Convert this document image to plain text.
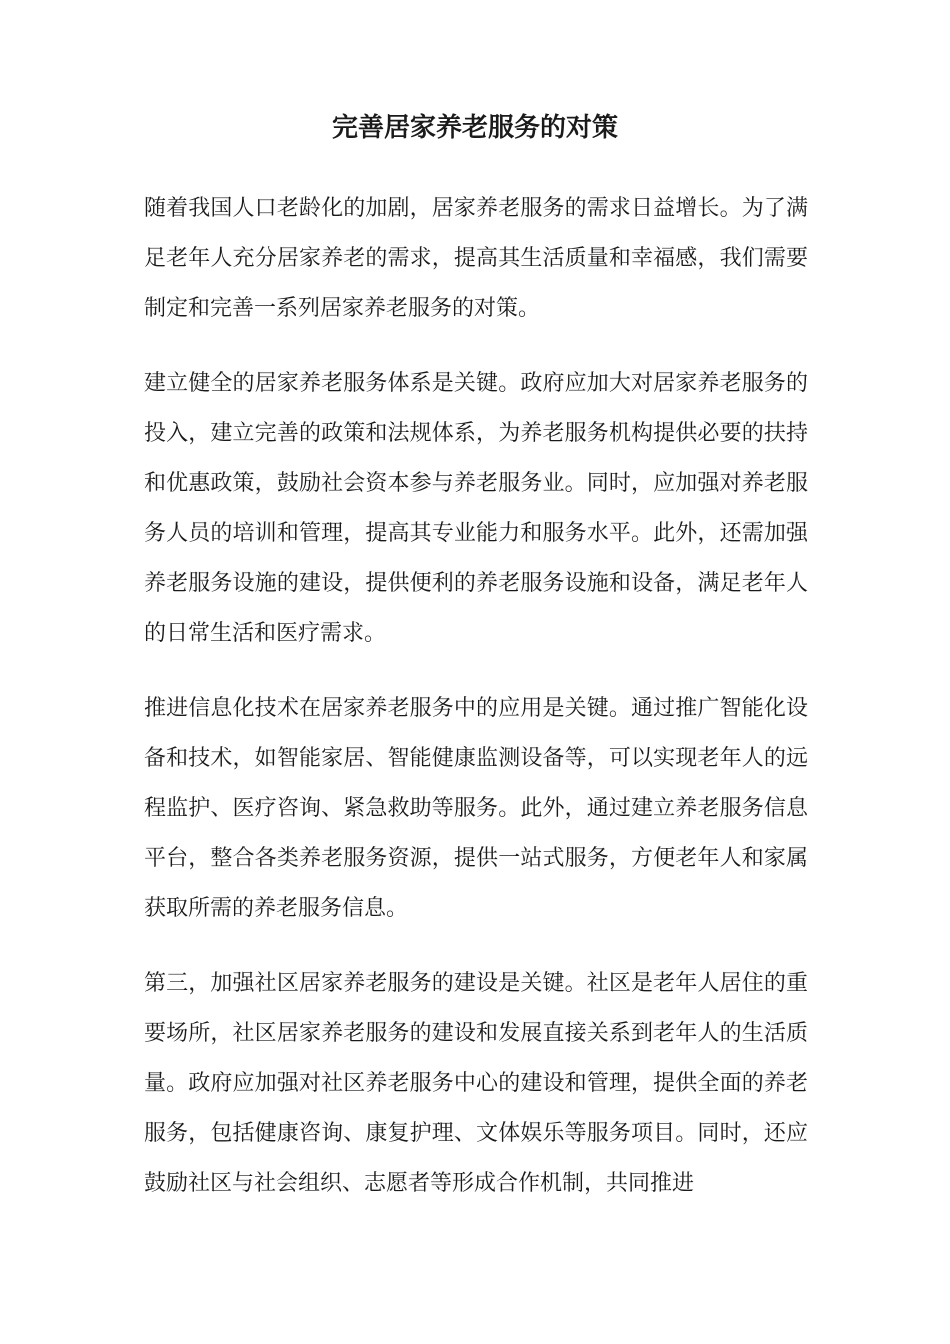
完善居家养老服务的对策

随着我国人口老龄化的加剧，居家养老服务的需求日益增长。为了满足老年人充分居家养老的需求，提高其生活质量和幸福感，我们需要制定和完善一系列居家养老服务的对策。

建立健全的居家养老服务体系是关键。政府应加大对居家养老服务的投入，建立完善的政策和法规体系，为养老服务机构提供必要的扶持和优惠政策，鼓励社会资本参与养老服务业。同时，应加强对养老服务人员的培训和管理，提高其专业能力和服务水平。此外，还需加强养老服务设施的建设，提供便利的养老服务设施和设备，满足老年人的日常生活和医疗需求。

推进信息化技术在居家养老服务中的应用是关键。通过推广智能化设备和技术，如智能家居、智能健康监测设备等，可以实现老年人的远程监护、医疗咨询、紧急救助等服务。此外，通过建立养老服务信息平台，整合各类养老服务资源，提供一站式服务，方便老年人和家属获取所需的养老服务信息。

第三，加强社区居家养老服务的建设是关键。社区是老年人居住的重要场所，社区居家养老服务的建设和发展直接关系到老年人的生活质量。政府应加强对社区养老服务中心的建设和管理，提供全面的养老服务，包括健康咨询、康复护理、文体娱乐等服务项目。同时，还应鼓励社区与社会组织、志愿者等形成合作机制，共同推进
